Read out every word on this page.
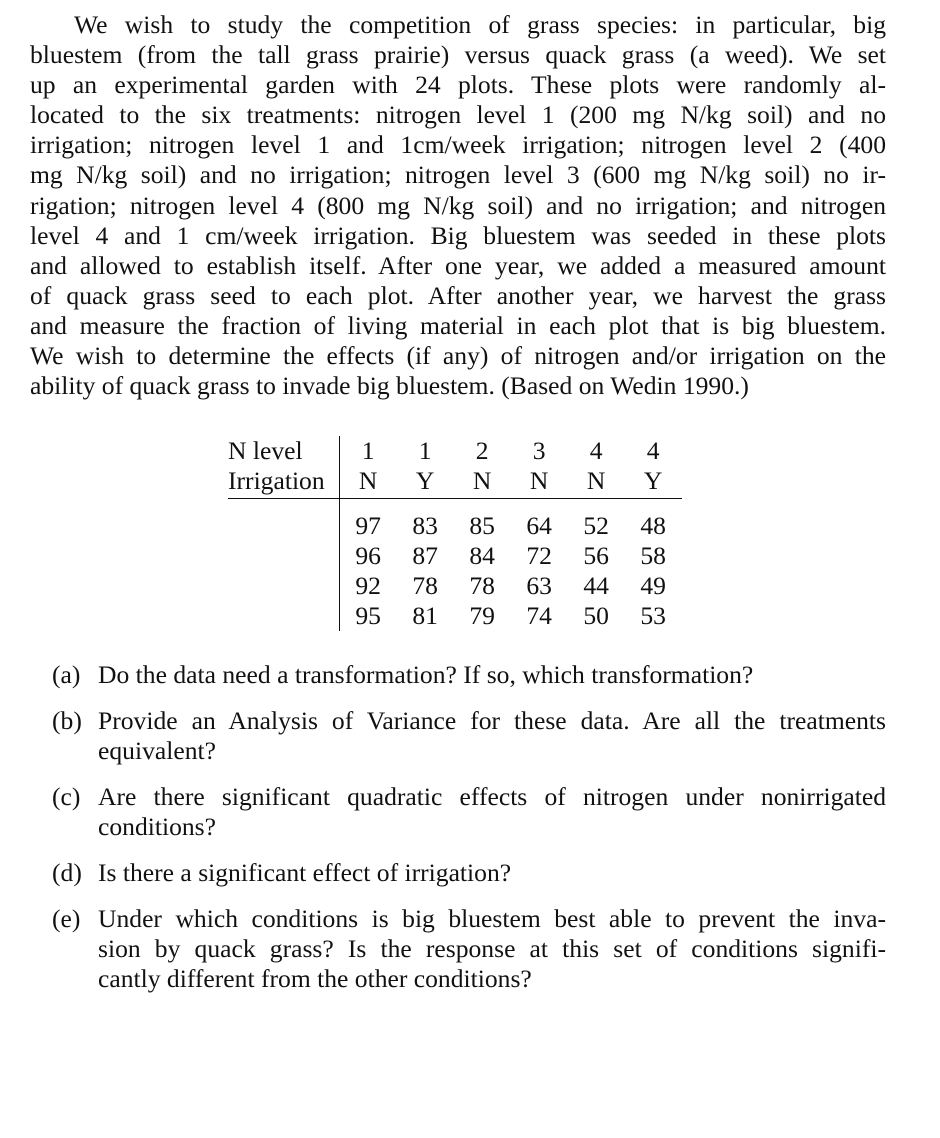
We wish to study the competition of grass species: in particular, big
bluestem (from the tall grass prairie) versus quack grass (a weed). We set
up an experimental garden with 24 plots. These plots were randomly al-
located to the six treatments: nitrogen level 1 (200 mg N/kg soil) and no
irrigation; nitrogen level 1 and 1cm/week irrigation; nitrogen level 2 (400
mg N/kg soil) and no irrigation; nitrogen level 3 (600 mg N/kg soil) no ir-
rigation; nitrogen level 4 (800 mg N/kg soil) and no irrigation; and nitrogen
level 4 and 1 cm/week irrigation. Big bluestem was seeded in these plots
and allowed to establish itself. After one year, we added a measured amount
of quack grass seed to each plot. After another year, we harvest the grass
and measure the fraction of living material in each plot that is big bluestem.
We wish to determine the effects (if any) of nitrogen and/or irrigation on the
ability of quack grass to invade big bluestem. (Based on Wedin 1990.)

N level	1	1	2	3	4	4
Irrigation	N	Y	N	N	N	Y
	97	83	85	64	52	48
	96	87	84	72	56	58
	92	78	78	63	44	49
	95	81	79	74	50	53
(a) Do the data need a transformation? If so, which transformation?
(b) Provide an Analysis of Variance for these data. Are all the treatments
equivalent?
(c) Are there significant quadratic effects of nitrogen under nonirrigated
conditions?
(d) Is there a significant effect of irrigation?
(e) Under which conditions is big bluestem best able to prevent the inva-
sion by quack grass? Is the response at this set of conditions signifi-
cantly different from the other conditions?
